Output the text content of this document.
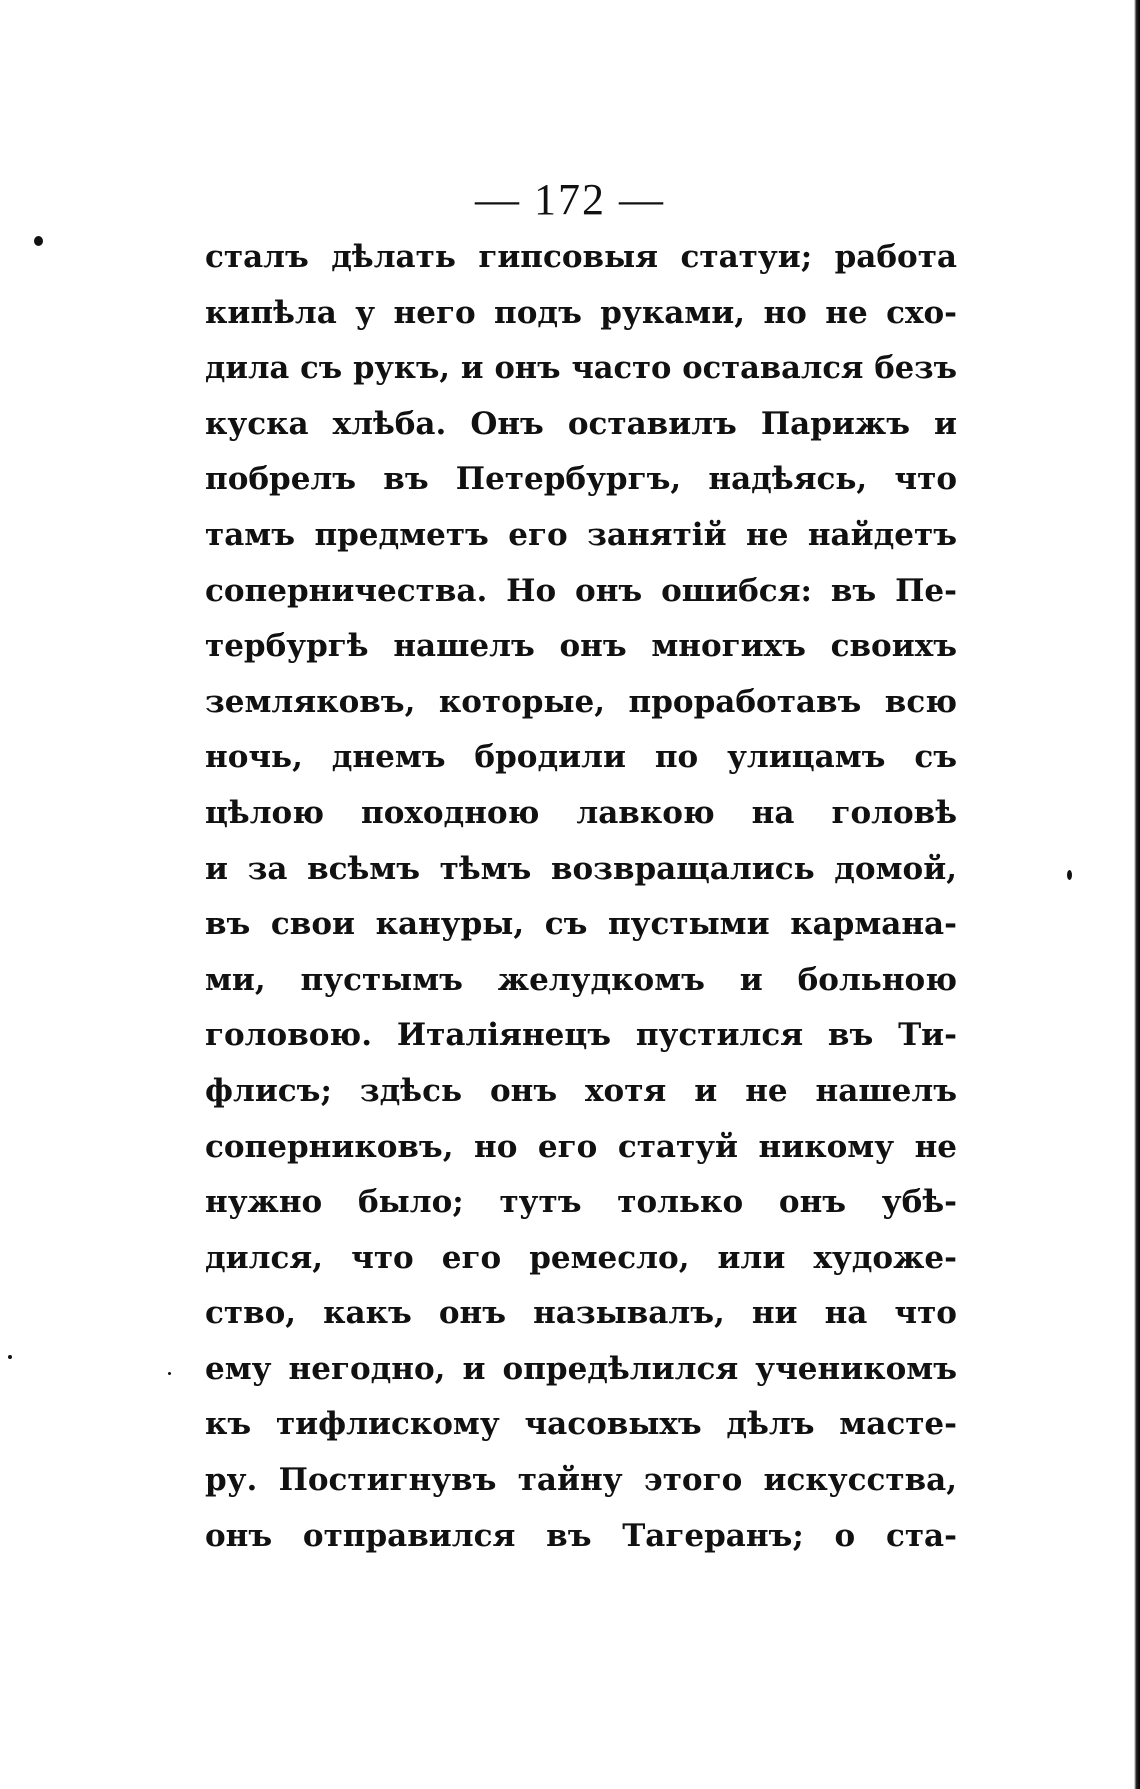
— 172 —
сталъ дѣлать гипсовыя статуи; работа
кипѣла у него подъ руками, но не схо-
дила съ рукъ, и онъ часто оставался безъ
куска хлѣба. Онъ оставилъ Парижъ и
побрелъ въ Петербургъ, надѣясь, что
тамъ предметъ его занятій не найдетъ
соперничества. Но онъ ошибся: въ Пе-
тербургѣ нашелъ онъ многихъ своихъ
земляковъ, которые, проработавъ всю
ночь, днемъ бродили по улицамъ съ
цѣлою походною лавкою на головѣ
и за всѣмъ тѣмъ возвращались домой,
въ свои кануры, съ пустыми кармана-
ми, пустымъ желудкомъ и больною
головою. Италіянецъ пустился въ Ти-
флисъ; здѣсь онъ хотя и не нашелъ
соперниковъ, но его статуй никому не
нужно было; тутъ только онъ убѣ-
дился, что его ремесло, или художе-
ство, какъ онъ называлъ, ни на что
ему негодно, и опредѣлился ученикомъ
къ тифлискому часовыхъ дѣлъ масте-
ру. Постигнувъ тайну этого искусства,
онъ отправился въ Тагеранъ; о ста-
